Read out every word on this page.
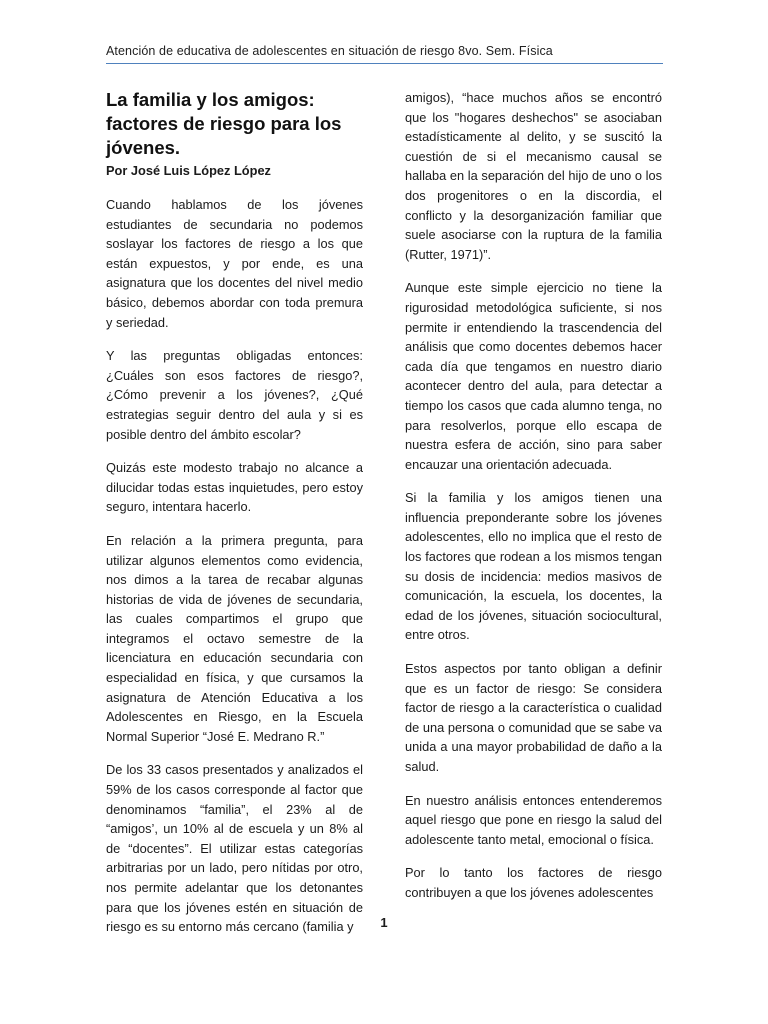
Atención de educativa de adolescentes en situación de riesgo 8vo. Sem. Física
La familia y los amigos: factores de riesgo para los jóvenes.
Por José Luis López López

Cuando hablamos de los jóvenes estudiantes de secundaria no podemos soslayar los factores de riesgo a los que están expuestos, y por ende, es una asignatura que los docentes del nivel medio básico, debemos abordar con toda premura y seriedad.

Y las preguntas obligadas entonces: ¿Cuáles son esos factores de riesgo?, ¿Cómo prevenir a los jóvenes?, ¿Qué estrategias seguir dentro del aula y si es posible dentro del ámbito escolar?

Quizás este modesto trabajo no alcance a dilucidar todas estas inquietudes, pero estoy seguro, intentara hacerlo.

En relación a la primera pregunta, para utilizar algunos elementos como evidencia, nos dimos a la tarea de recabar algunas historias de vida de jóvenes de secundaria, las cuales compartimos el grupo que integramos el octavo semestre de la licenciatura en educación secundaria con especialidad en física, y que cursamos la asignatura de Atención Educativa a los Adolescentes en Riesgo, en la Escuela Normal Superior “José E. Medrano R.”

De los 33 casos presentados y analizados el 59% de los casos corresponde al factor que denominamos “familia”, el 23% al de “amigos’, un 10% al de escuela y un 8% al de “docentes”. El utilizar estas categorías arbitrarias por un lado, pero nítidas por otro, nos permite adelantar que los detonantes para que los jóvenes estén en situación de riesgo es su entorno más cercano (familia y

amigos), “hace muchos años se encontró que los "hogares deshechos" se asociaban estadísticamente al delito, y se suscitó la cuestión de si el mecanismo causal se hallaba en la separación del hijo de uno o los dos progenitores o en la discordia, el conflicto y la desorganización familiar que suele asociarse con la ruptura de la familia (Rutter, 1971)”.

Aunque este simple ejercicio no tiene la rigurosidad metodológica suficiente, si nos permite ir entendiendo la trascendencia del análisis que como docentes debemos hacer cada día que tengamos en nuestro diario acontecer dentro del aula, para detectar a tiempo los casos que cada alumno tenga, no para resolverlos, porque ello escapa de nuestra esfera de acción, sino para saber encauzar una orientación adecuada.

Si la familia y los amigos tienen una influencia preponderante sobre los jóvenes adolescentes, ello no implica que el resto de los factores que rodean a los mismos tengan su dosis de incidencia: medios masivos de comunicación, la escuela, los docentes, la edad de los jóvenes, situación sociocultural, entre otros.

Estos aspectos por tanto obligan a definir que es un factor de riesgo: Se considera factor de riesgo a la característica o cualidad de una persona o comunidad que se sabe va unida a una mayor probabilidad de daño a la salud.

En nuestro análisis entonces entenderemos aquel riesgo que pone en riesgo la salud del adolescente tanto metal, emocional o física.

Por lo tanto los factores de riesgo contribuyen a que los jóvenes adolescentes

1
